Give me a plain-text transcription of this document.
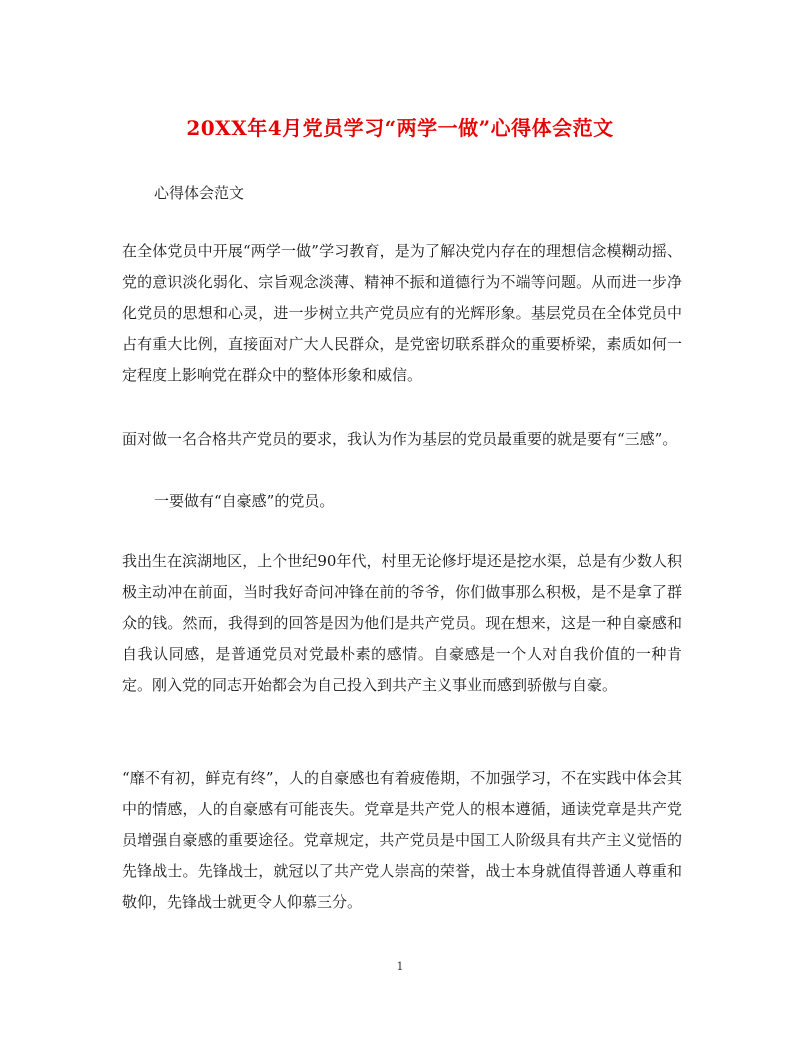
20XX年4月党员学习“两学一做”心得体会范文

心得体会范文

在全体党员中开展“两学一做”学习教育，是为了解决党内存在的理想信念模糊动摇、党的意识淡化弱化、宗旨观念淡薄、精神不振和道德行为不端等问题。从而进一步净化党员的思想和心灵，进一步树立共产党员应有的光辉形象。基层党员在全体党员中占有重大比例，直接面对广大人民群众，是党密切联系群众的重要桥梁，素质如何一定程度上影响党在群众中的整体形象和威信。

面对做一名合格共产党员的要求，我认为作为基层的党员最重要的就是要有“三感”。

一要做有“自豪感”的党员。

我出生在滨湖地区，上个世纪90年代，村里无论修圩堤还是挖水渠，总是有少数人积极主动冲在前面，当时我好奇问冲锋在前的爷爷，你们做事那么积极，是不是拿了群众的钱。然而，我得到的回答是因为他们是共产党员。现在想来，这是一种自豪感和自我认同感，是普通党员对党最朴素的感情。自豪感是一个人对自我价值的一种肯定。刚入党的同志开始都会为自己投入到共产主义事业而感到骄傲与自豪。

“靡不有初，鲜克有终”，人的自豪感也有着疲倦期，不加强学习，不在实践中体会其中的情感，人的自豪感有可能丧失。党章是共产党人的根本遵循，通读党章是共产党员增强自豪感的重要途径。党章规定，共产党员是中国工人阶级具有共产主义觉悟的先锋战士。先锋战士，就冠以了共产党人崇高的荣誉，战士本身就值得普通人尊重和敬仰，先锋战士就更令人仰慕三分。

1
